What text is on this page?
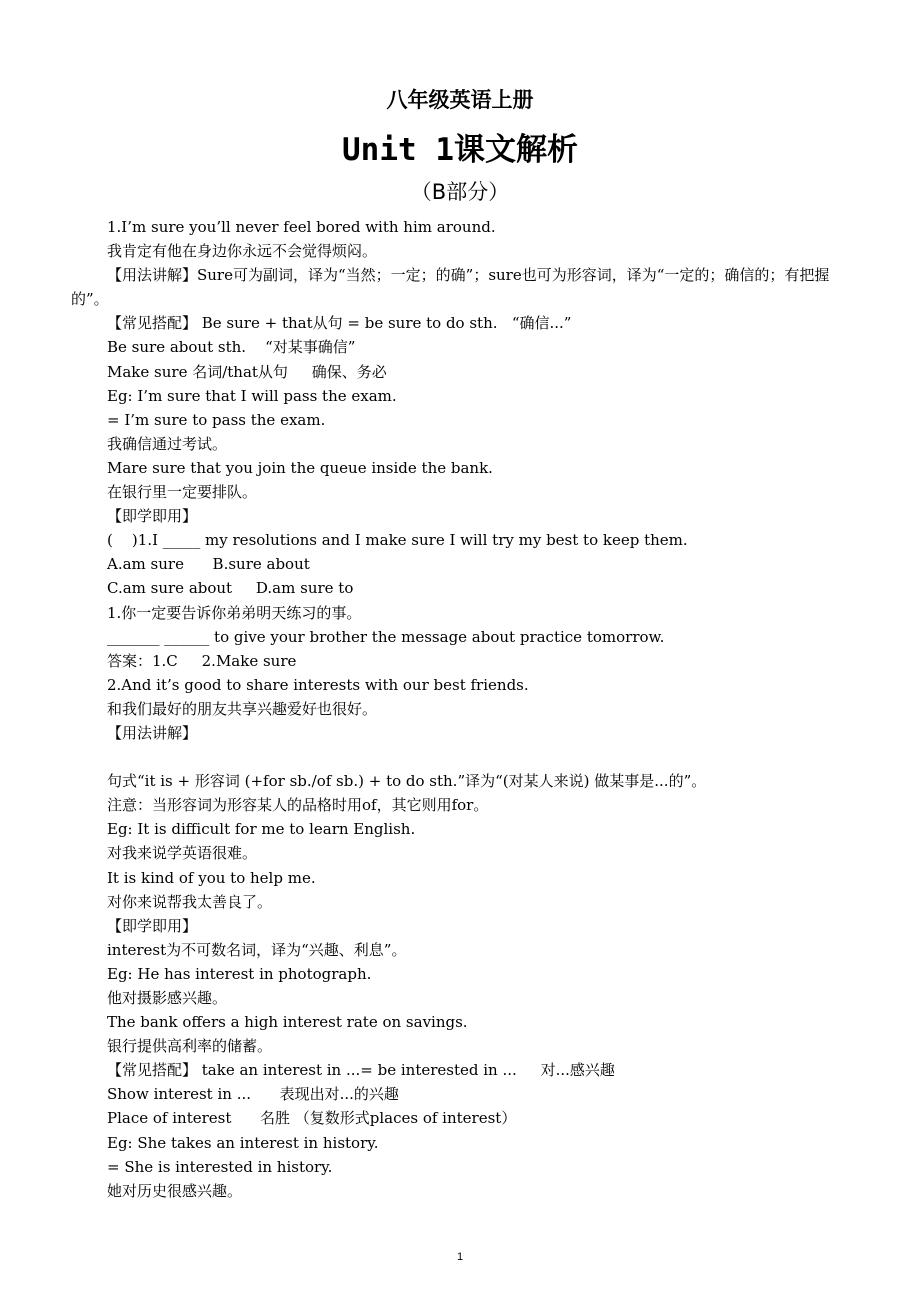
八年级英语上册
Unit 1课文解析
（B部分）
1.I’m sure you’ll never feel bored with him around.
我肯定有他在身边你永远不会觉得烦闷。
【用法讲解】Sure可为副词，译为“当然；一定；的确”；sure也可为形容词，译为“一定的；确信的；有把握的”。
【常见搭配】 Be sure + that从句 = be sure to do sth.   “确信...”
Be sure about sth.    “对某事确信”
Make sure 名词/that从句     确保、务必
Eg: I’m sure that I will pass the exam.
= I’m sure to pass the exam.
我确信通过考试。
Mare sure that you join the queue inside the bank.
在银行里一定要排队。
【即学即用】
(    )1.I _____ my resolutions and I make sure I will try my best to keep them.
A.am sure      B.sure about
C.am sure about     D.am sure to
1.你一定要告诉你弟弟明天练习的事。
_______ ______ to give your brother the message about practice tomorrow.
答案：1.C     2.Make sure
2.And it’s good to share interests with our best friends.
和我们最好的朋友共享兴趣爱好也很好。
【用法讲解】
句式“it is + 形容词 (+for sb./of sb.) + to do sth.”译为“(对某人来说) 做某事是...的”。
注意：当形容词为形容某人的品格时用of，其它则用for。
Eg: It is difficult for me to learn English.
对我来说学英语很难。
It is kind of you to help me.
对你来说帮我太善良了。
【即学即用】
interest为不可数名词，译为“兴趣、利息”。
Eg: He has interest in photograph.
他对摄影感兴趣。
The bank offers a high interest rate on savings.
银行提供高利率的储蓄。
【常见搭配】 take an interest in ...= be interested in ...     对...感兴趣
Show interest in ...      表现出对...的兴趣
Place of interest      名胜 （复数形式places of interest）
Eg: She takes an interest in history.
= She is interested in history.
她对历史很感兴趣。
1
